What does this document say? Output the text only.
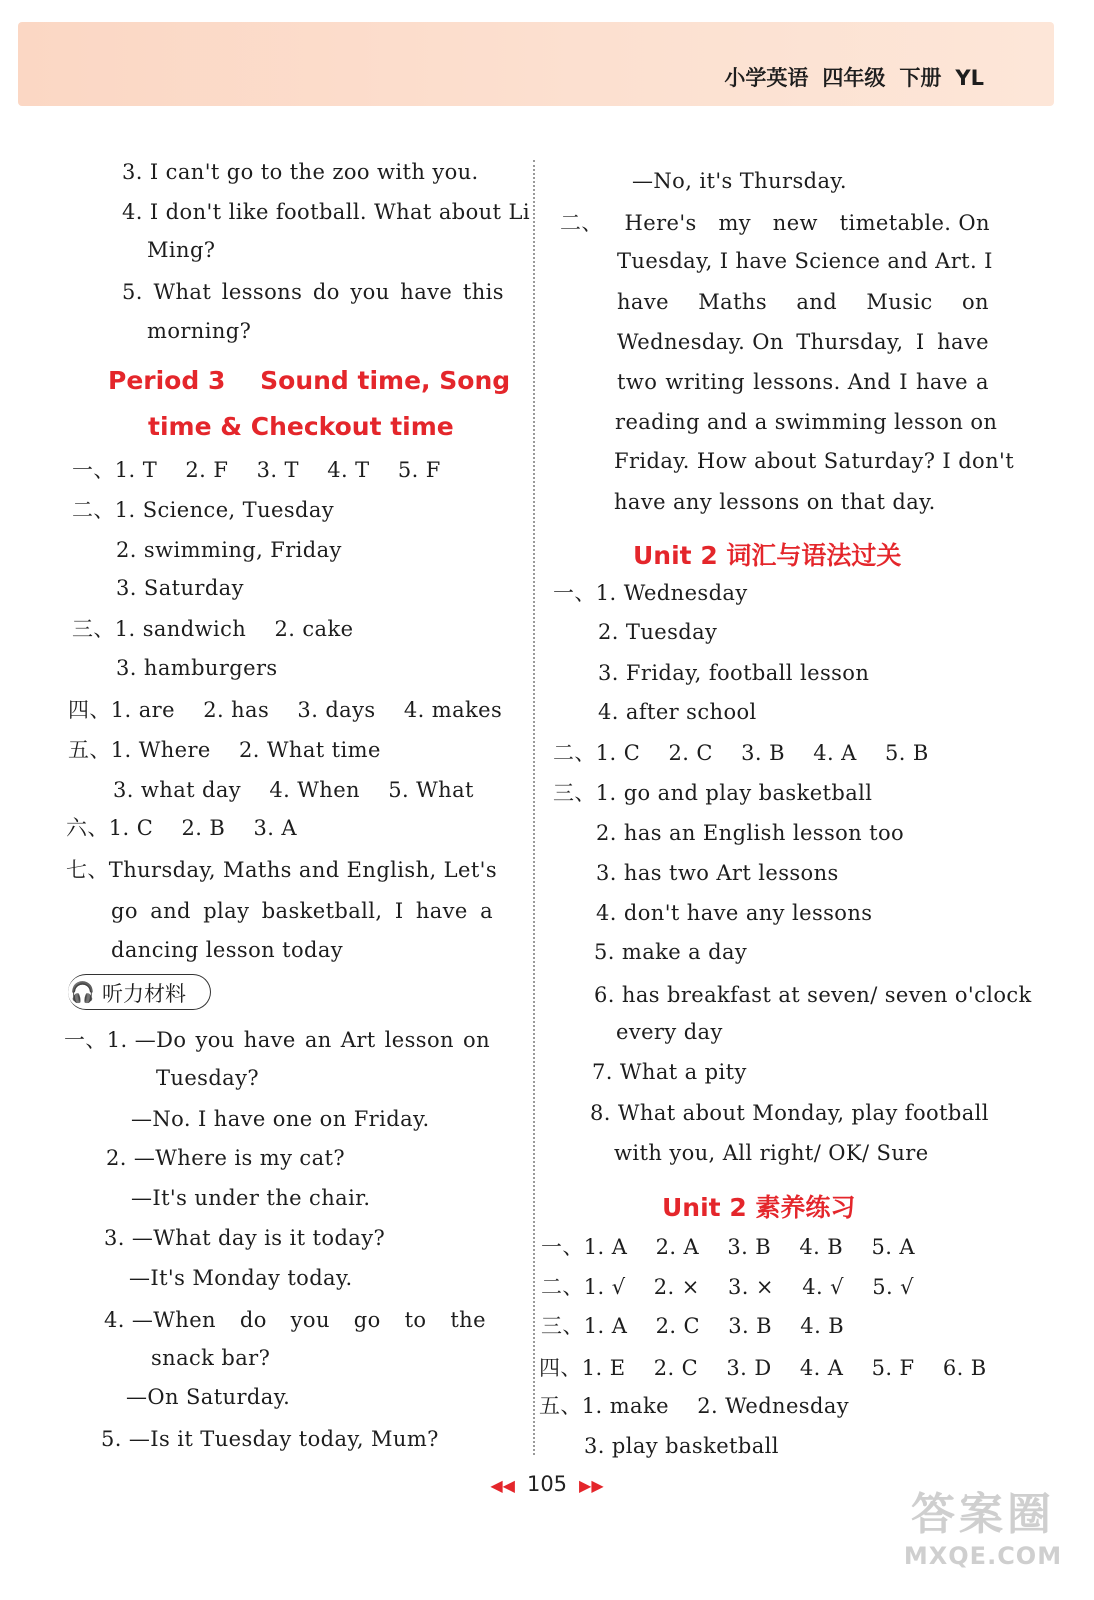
小学英语 四年级 下册 YL
3. I can't go to the zoo with you.
4. I don't like football. What about Li
Ming?
5. What lessons do you have this
morning?
Period 3    Sound time, Song
time & Checkout time
一、1. T    2. F    3. T    4. T    5. F
二、1. Science, Tuesday
2. swimming, Friday
3. Saturday
三、1. sandwich    2. cake
3. hamburgers
四、1. are    2. has    3. days    4. makes
五、1. Where    2. What time
3. what day    4. When    5. What
六、1. C    2. B    3. A
七、Thursday, Maths and English, Let's
go and play basketball, I have a
dancing lesson today
🎧 听力材料
一、1. —Do you have an Art lesson on
Tuesday?
—No. I have one on Friday.
2. —Where is my cat?
—It's under the chair.
3. —What day is it today?
—It's Monday today.
4. —When do you go to the
snack bar?
—On Saturday.
5. —Is it Tuesday today, Mum?
—No, it's Thursday.
二、 Here's my new timetable. On
Tuesday, I have Science and Art. I
have Maths and Music on
Wednesday. On Thursday, I have
two writing lessons. And I have a
reading and a swimming lesson on
Friday. How about Saturday? I don't
have any lessons on that day.
Unit 2 词汇与语法过关
一、1. Wednesday
2. Tuesday
3. Friday, football lesson
4. after school
二、1. C    2. C    3. B    4. A    5. B
三、1. go and play basketball
2. has an English lesson too
3. has two Art lessons
4. don't have any lessons
5. make a day
6. has breakfast at seven/ seven o'clock
every day
7. What a pity
8. What about Monday, play football
with you, All right/ OK/ Sure
Unit 2 素养练习
一、1. A    2. A    3. B    4. B    5. A
二、1. √    2. ×    3. ×    4. √    5. √
三、1. A    2. C    3. B    4. B
四、1. E    2. C    3. D    4. A    5. F    6. B
五、1. make    2. Wednesday
3. play basketball
◀◀ 105 ▶▶
答案圈
MXQE.COM
